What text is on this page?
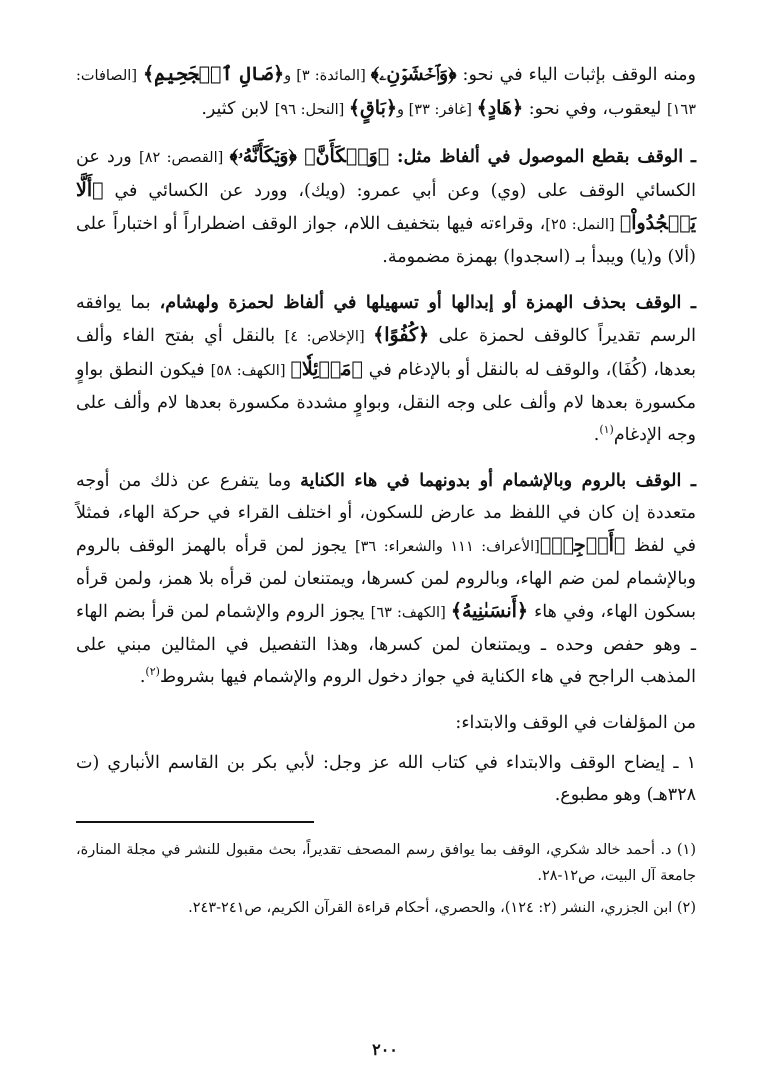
ومنه الوقف بإثبات الياء في نحو: ﴿وَٱخۡشَوۡنِۦ﴾ [المائدة: ٣] و﴿صَالِ ٱلۡجَحِيمِ﴾ [الصافات: ١٦٣] ليعقوب، وفي نحو: ﴿هَادٍ﴾ [غافر: ٣٣] و﴿بَاقٍ﴾ [النحل: ٩٦] لابن كثير.

ـ الوقف بقطع الموصول في ألفاظ مثل: ﴿وَيۡكَأَنَّ﴾ ﴿وَيۡكَأَنَّهُۥ﴾ [القصص: ٨٢] ورد عن الكسائي الوقف على (وي) وعن أبي عمرو: (ويك)، وورد عن الكسائي في ﴿أَلَّا يَسۡجُدُواْ﴾ [النمل: ٢٥]، وقراءته فيها بتخفيف اللام، جواز الوقف اضطراراً أو اختباراً على (ألا) و(يا) ويبدأ بـ (اسجدوا) بهمزة مضمومة.

ـ الوقف بحذف الهمزة أو إبدالها أو تسهيلها في ألفاظ لحمزة ولهشام، بما يوافقه الرسم تقديراً كالوقف لحمزة على ﴿كُفُوًا﴾ [الإخلاص: ٤] بالنقل أي بفتح الفاء وألف بعدها، (كُفَا)، والوقف له بالنقل أو بالإدغام في ﴿مَوۡئِلٗا﴾ [الكهف: ٥٨] فيكون النطق بواوٍ مكسورة بعدها لام وألف على وجه النقل، وبواوٍ مشددة مكسورة بعدها لام وألف على وجه الإدغام$^{(١)}$.

ـ الوقف بالروم وبالإشمام أو بدونهما في هاء الكناية وما يتفرع عن ذلك من أوجه متعددة إن كان في اللفظ مد عارض للسكون، أو اختلف القراء في حركة الهاء، فمثلاً في لفظ ﴿أَرۡجِهۡ﴾[الأعراف: ١١١ والشعراء: ٣٦] يجوز لمن قرأه بالهمز الوقف بالروم وبالإشمام لمن ضم الهاء، وبالروم لمن كسرها، ويمتنعان لمن قرأه بلا همز، ولمن قرأه بسكون الهاء، وفي هاء ﴿أَنسَىٰنِيهُ﴾ [الكهف: ٦٣] يجوز الروم والإشمام لمن قرأ بضم الهاء ـ وهو حفص وحده ـ ويمتنعان لمن كسرها، وهذا التفصيل في المثالين مبني على المذهب الراجح في هاء الكناية في جواز دخول الروم والإشمام فيها بشروط$^{(٢)}$.

من المؤلفات في الوقف والابتداء:

١ ـ إيضاح الوقف والابتداء في كتاب الله عز وجل: لأبي بكر بن القاسم الأنباري (ت ٣٢٨هـ) وهو مطبوع.

(١) د. أحمد خالد شكري، الوقف بما يوافق رسم المصحف تقديراً، بحث مقبول للنشر في مجلة المنارة، جامعة آل البيت، ص١٢-٢٨.

(٢) ابن الجزري، النشر (٢: ١٢٤)، والحصري، أحكام قراءة القرآن الكريم، ص٢٤١-٢٤٣.

٢٠٠
